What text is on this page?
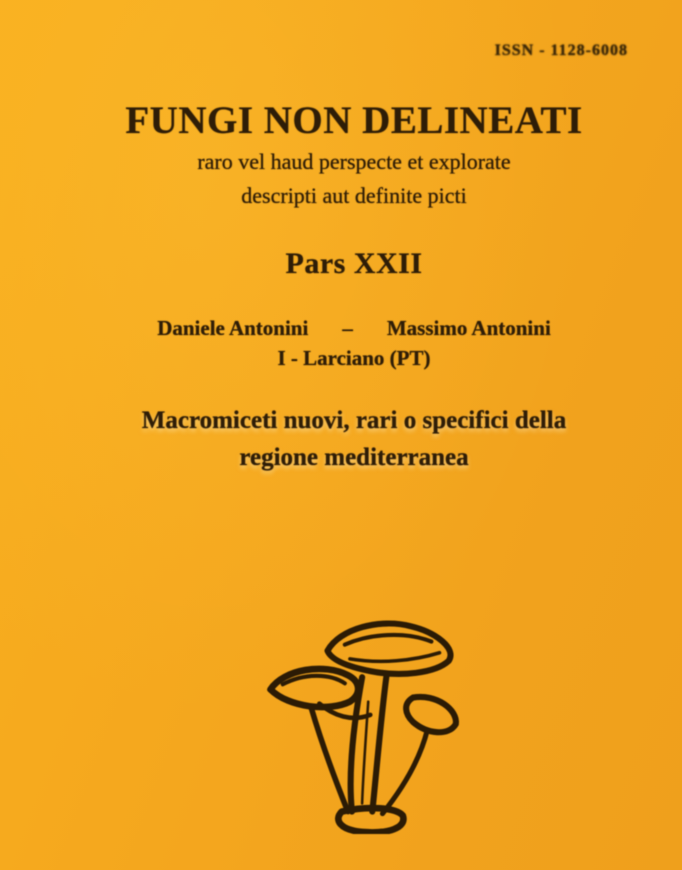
ISSN - 1128-6008
FUNGI NON DELINEATI
raro vel haud perspecte et explorate
descripti aut definite picti
Pars XXII
Daniele Antonini – Massimo Antonini
I - Larciano (PT)
Macromiceti nuovi, rari o specifici della
regione mediterranea
